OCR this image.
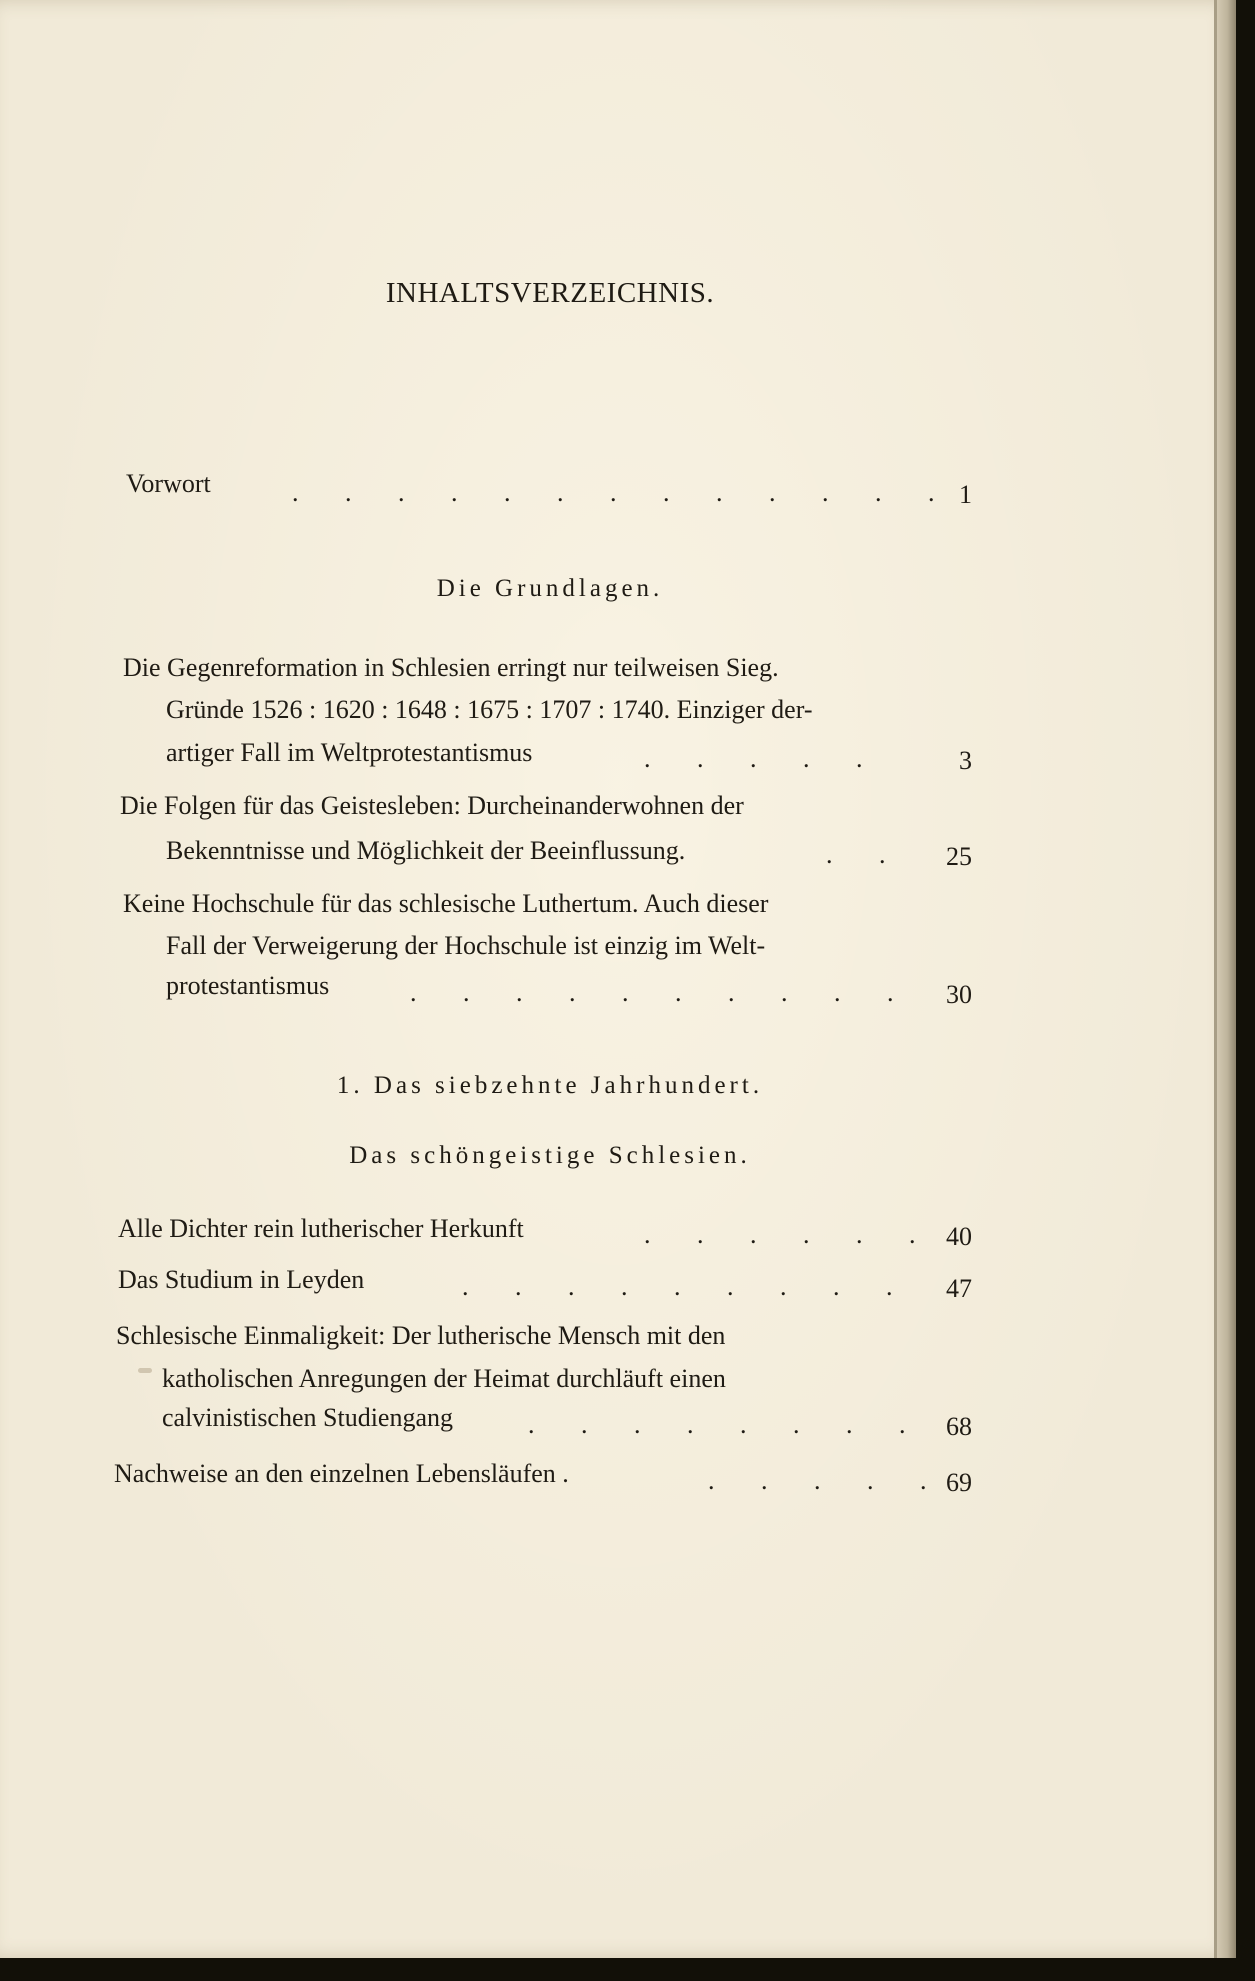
INHALTSVERZEICHNIS.
Vorwort	. . . . . . . . . . . . . 1
Die Grundlagen.
Die Gegenreformation in Schlesien erringt nur teilweisen Sieg.
Gründe 1526 : 1620 : 1648 : 1675 : 1707 : 1740. Einziger der-
artiger Fall im Weltprotestantismus	. . . . .	3
Die Folgen für das Geistesleben: Durcheinanderwohnen der
Bekenntnisse und Möglichkeit der Beeinflussung.	. .	25
Keine Hochschule für das schlesische Luthertum. Auch dieser
Fall der Verweigerung der Hochschule ist einzig im Welt-
protestantismus	. . . . . . . . . .	30
1. Das siebzehnte Jahrhundert.
Das schöngeistige Schlesien.
Alle Dichter rein lutherischer Herkunft	. . . . . . 40
Das Studium in Leyden	. . . . . . . . .	47
Schlesische Einmaligkeit: Der lutherische Mensch mit den
katholischen Anregungen der Heimat durchläuft einen
calvinistischen Studiengang	. . . . . . . . 68
Nachweise an den einzelnen Lebensläufen .	. . . . . 69
